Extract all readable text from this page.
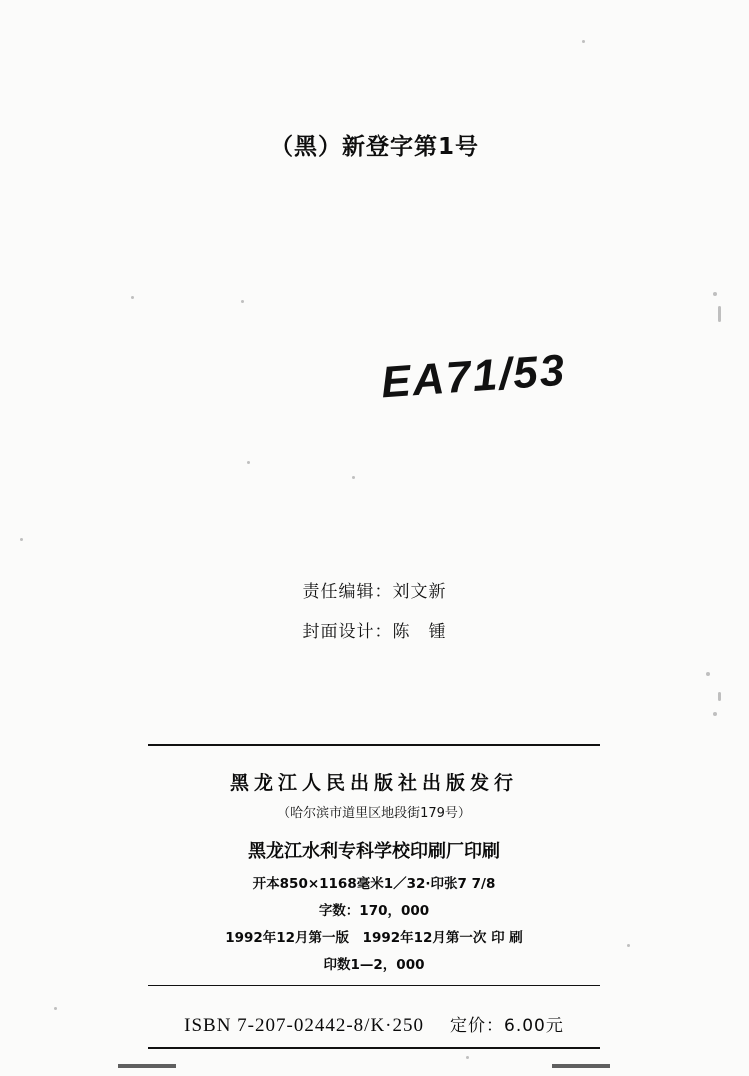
（黑）新登字第1号
EA71/53
责任编辑：刘文新
封面设计：陈　锺
黑龙江人民出版社出版发行
（哈尔滨市道里区地段街179号）
黑龙江水利专科学校印刷厂印刷
开本850×1168毫米1／32·印张7 7/8
字数：170，000
1992年12月第一版　1992年12月第一次 印 刷
印数1—2，000
ISBN 7-207-02442-8/K·250 定价：6.00元
